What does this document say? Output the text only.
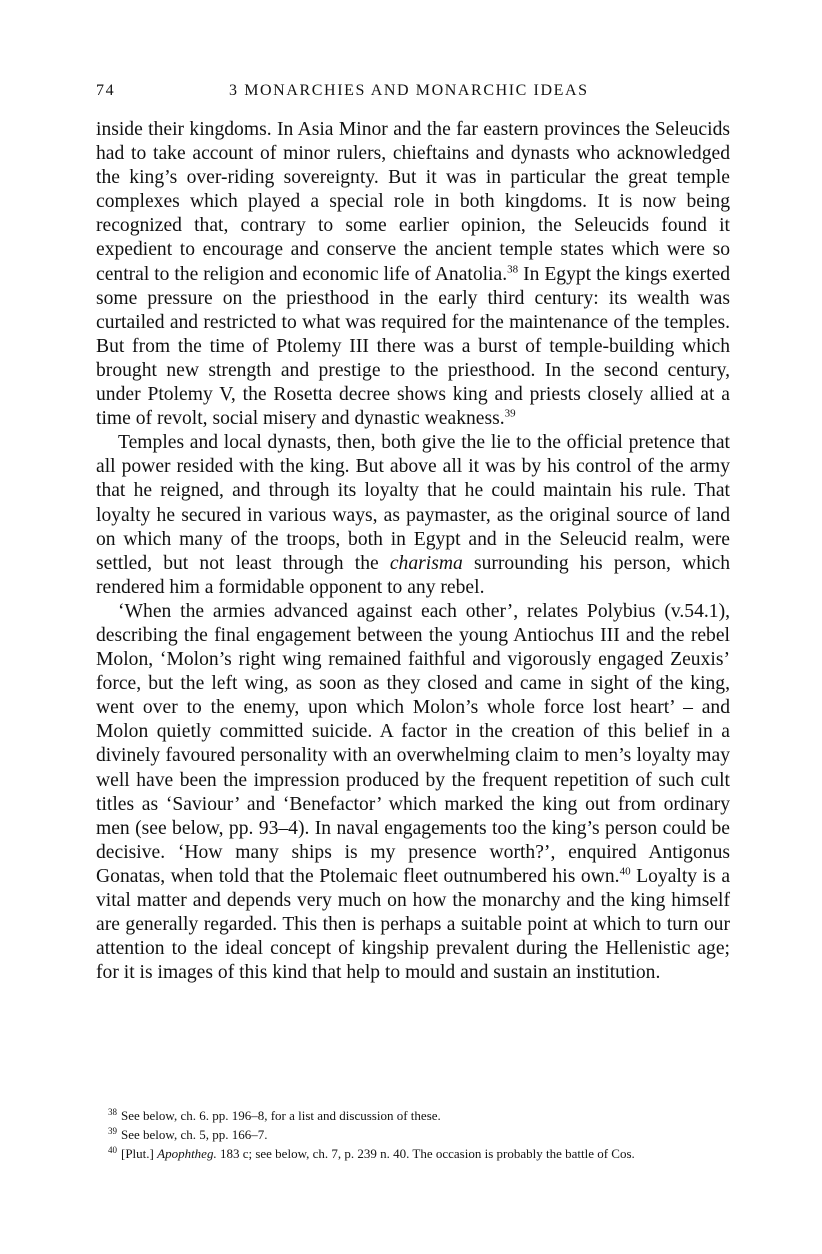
74	3 MONARCHIES AND MONARCHIC IDEAS

inside their kingdoms. In Asia Minor and the far eastern provinces the Seleucids had to take account of minor rulers, chieftains and dynasts who acknowledged the king’s over-riding sovereignty. But it was in particular the great temple complexes which played a special role in both kingdoms. It is now being recognized that, contrary to some earlier opinion, the Seleucids found it expedient to encourage and conserve the ancient temple states which were so central to the religion and economic life of Anatolia.$^{38}$ In Egypt the kings exerted some pressure on the priesthood in the early third century: its wealth was curtailed and restricted to what was required for the maintenance of the temples. But from the time of Ptolemy III there was a burst of temple-building which brought new strength and prestige to the priesthood. In the second century, under Ptolemy V, the Rosetta decree shows king and priests closely allied at a time of revolt, social misery and dynastic weakness.$^{39}$

Temples and local dynasts, then, both give the lie to the official pretence that all power resided with the king. But above all it was by his control of the army that he reigned, and through its loyalty that he could maintain his rule. That loyalty he secured in various ways, as paymaster, as the original source of land on which many of the troops, both in Egypt and in the Seleucid realm, were settled, but not least through the charisma surrounding his person, which rendered him a formidable opponent to any rebel.

‘When the armies advanced against each other’, relates Polybius (v.54.1), describing the final engagement between the young Antiochus III and the rebel Molon, ‘Molon’s right wing remained faithful and vigorously engaged Zeuxis’ force, but the left wing, as soon as they closed and came in sight of the king, went over to the enemy, upon which Molon’s whole force lost heart’ – and Molon quietly committed suicide. A factor in the creation of this belief in a divinely favoured personality with an overwhelming claim to men’s loyalty may well have been the impression produced by the frequent repetition of such cult titles as ‘Saviour’ and ‘Benefactor’ which marked the king out from ordinary men (see below, pp. 93–4). In naval engagements too the king’s person could be decisive. ‘How many ships is my presence worth?’, enquired Antigonus Gonatas, when told that the Ptolemaic fleet outnumbered his own.$^{40}$ Loyalty is a vital matter and depends very much on how the monarchy and the king himself are generally regarded. This then is perhaps a suitable point at which to turn our attention to the ideal concept of kingship prevalent during the Hellenistic age; for it is images of this kind that help to mould and sustain an institution.

$^{38}$ See below, ch. 6. pp. 196–8, for a list and discussion of these.

$^{39}$ See below, ch. 5, pp. 166–7.

$^{40}$ [Plut.] Apophtheg. 183 c; see below, ch. 7, p. 239 n. 40. The occasion is probably the battle of Cos.
